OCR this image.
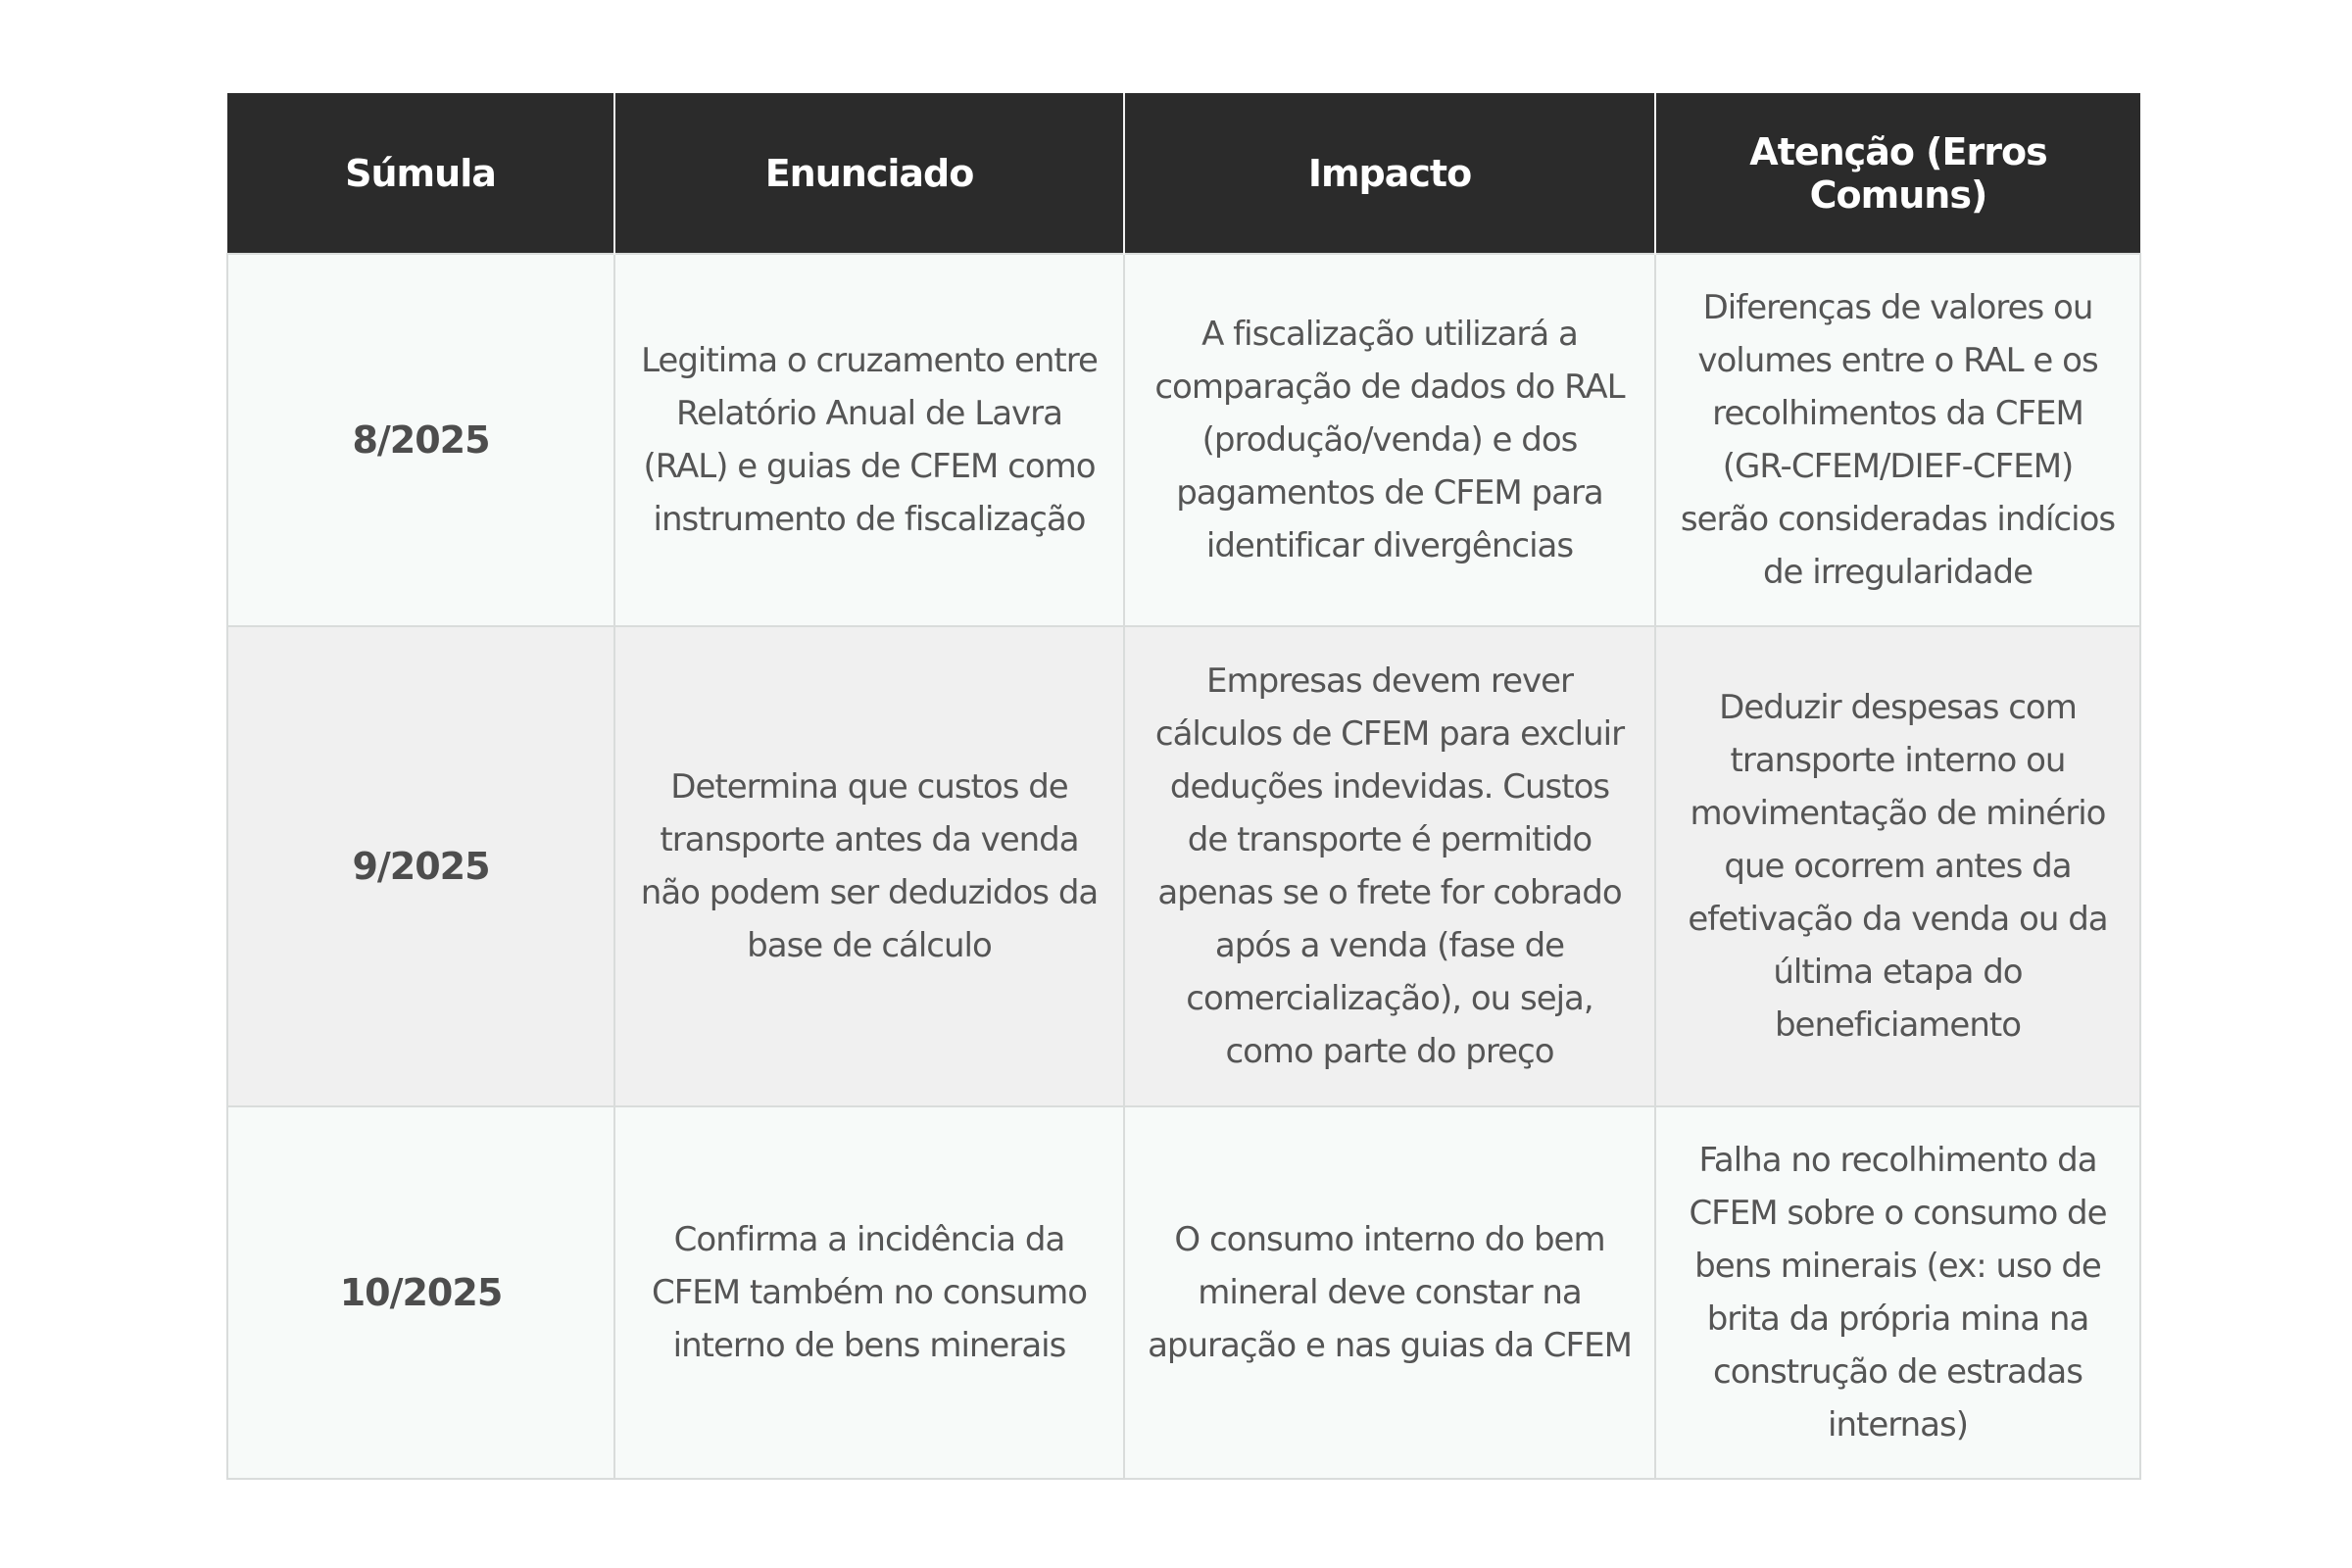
Súmula	Enunciado	Impacto	Atenção (Erros Comuns)
8/2025	Legitima o cruzamento entre Relatório Anual de Lavra (RAL) e guias de CFEM como instrumento de fiscalização	A fiscalização utilizará a comparação de dados do RAL (produção/venda) e dos pagamentos de CFEM para identificar divergências	Diferenças de valores ou volumes entre o RAL e os recolhimentos da CFEM (GR-CFEM/DIEF-CFEM) serão consideradas indícios de irregularidade
9/2025	Determina que custos de transporte antes da venda não podem ser deduzidos da base de cálculo	Empresas devem rever cálculos de CFEM para excluir deduções indevidas. Custos de transporte é permitido apenas se o frete for cobrado após a venda (fase de comercialização), ou seja, como parte do preço	Deduzir despesas com transporte interno ou movimentação de minério que ocorrem antes da efetivação da venda ou da última etapa do beneficiamento
10/2025	Confirma a incidência da CFEM também no consumo interno de bens minerais	O consumo interno do bem mineral deve constar na apuração e nas guias da CFEM	Falha no recolhimento da CFEM sobre o consumo de bens minerais (ex: uso de brita da própria mina na construção de estradas internas)
